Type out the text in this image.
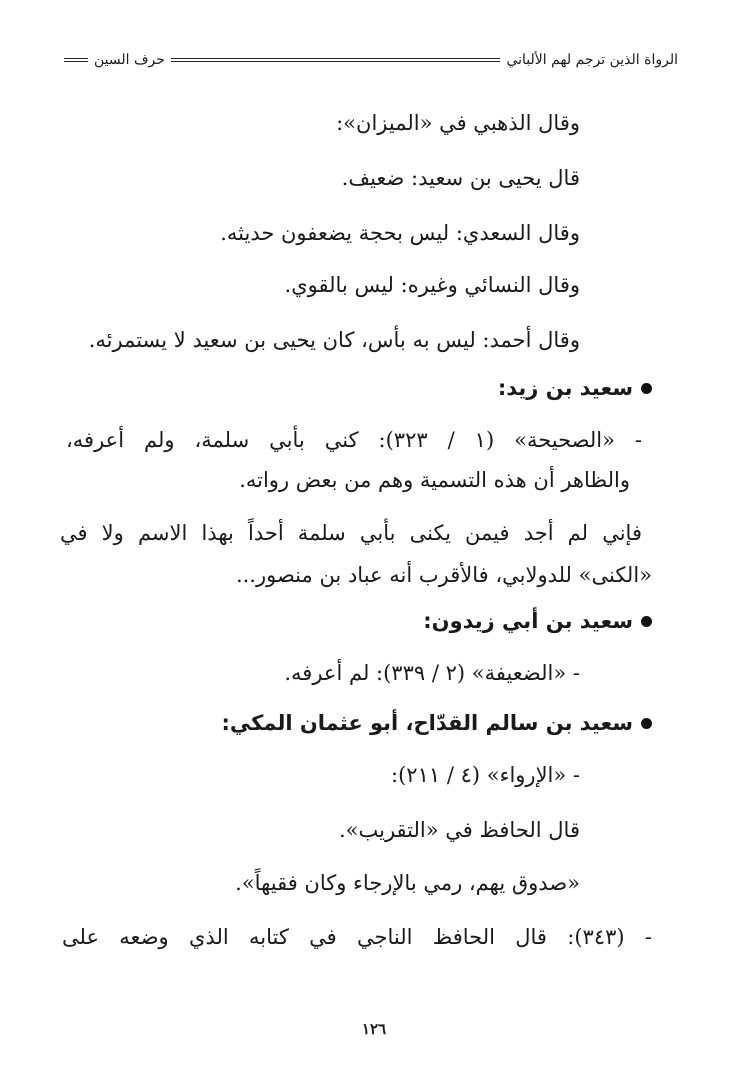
الرواة الذين ترجم لهم الألباني
حرف السين
وقال الذهبي في «الميزان»:
قال يحيى بن سعيد: ضعيف.
وقال السعدي: ليس بحجة يضعفون حديثه.
وقال النسائي وغيره: ليس بالقوي.
وقال أحمد: ليس به بأس، كان يحيى بن سعيد لا يستمرئه.
سعيد بن زيد:
- «الصحيحة» (١ / ٣٢٣): كني بأبي سلمة، ولم أعرفه،
والظاهر أن هذه التسمية وهم من بعض رواته.
فإني لم أجد فيمن يكنى بأبي سلمة أحداً بهذا الاسم ولا في
«الكنى» للدولابي، فالأقرب أنه عباد بن منصور...
سعيد بن أبي زيدون:
- «الضعيفة» (٢ / ٣٣٩): لم أعرفه.
سعيد بن سالم القدّاح، أبو عثمان المكي:
- «الإرواء» (٤ / ٢١١):
قال الحافظ في «التقريب».
«صدوق يهم، رمي بالإرجاء وكان فقيهاً».
- (٣٤٣): قال الحافظ الناجي في كتابه الذي وضعه على
١٢٦
